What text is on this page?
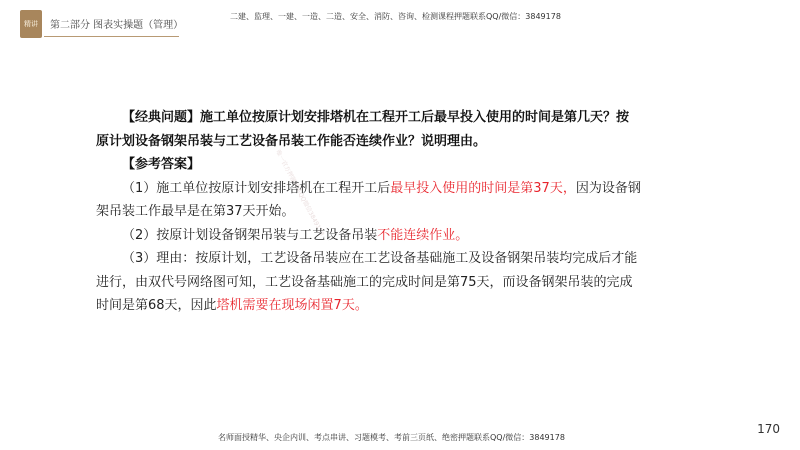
精讲 第二部分 图表实操题（管理）
二建、监理、一建、一造、二造、安全、消防、咨询、检测课程押题联系QQ/微信：3849178
唯一官方押题联系QQ微信3849178

【经典问题】施工单位按原计划安排塔机在工程开工后最早投入使用的时间是第几天？按原计划设备钢架吊装与工艺设备吊装工作能否连续作业？说明理由。

【参考答案】

（1）施工单位按原计划安排塔机在工程开工后最早投入使用的时间是第37天，因为设备钢架吊装工作最早是在第37天开始。

（2）按原计划设备钢架吊装与工艺设备吊装不能连续作业。

（3）理由：按原计划，工艺设备吊装应在工艺设备基础施工及设备钢架吊装均完成后才能进行，由双代号网络图可知，工艺设备基础施工的完成时间是第75天，而设备钢架吊装的完成时间是第68天，因此塔机需要在现场闲置7天。

170
名师面授精华、央企内训、考点串讲、习题模考、考前三页纸、绝密押题联系QQ/微信：3849178
